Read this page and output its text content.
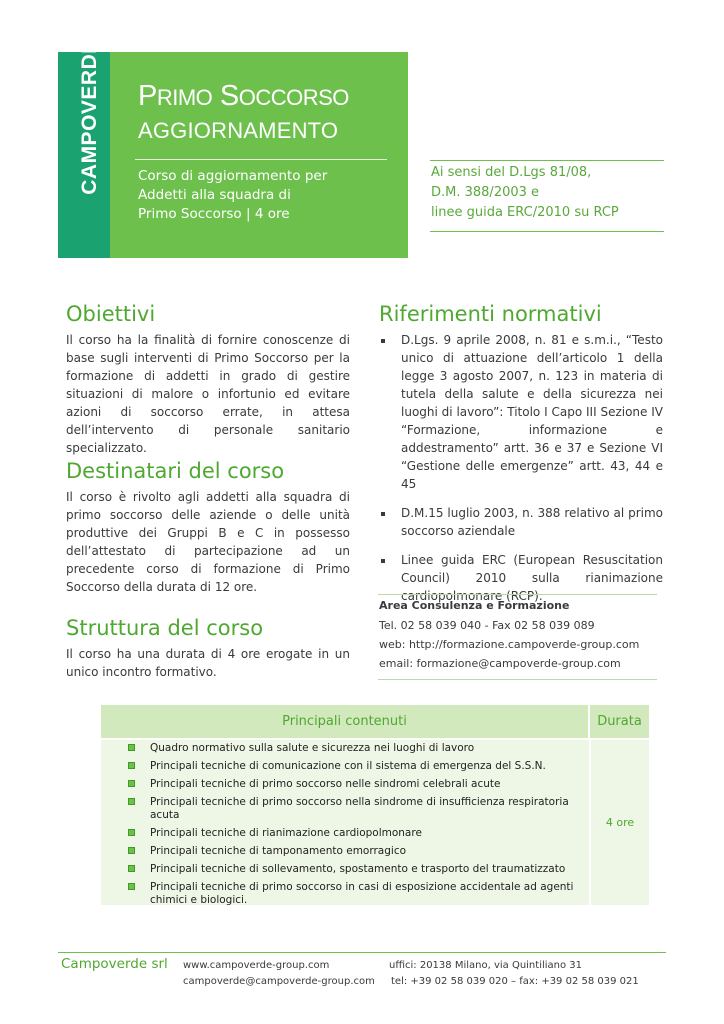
CAMPOVERDE	PRIMO SOCCORSO
AGGIORNAMENTO
Corso di aggiornamento per
Addetti alla squadra di
Primo Soccorso | 4 ore
Ai sensi del D.Lgs 81/08,
D.M. 388/2003 e
linee guida ERC/2010 su RCP
Obiettivi
Il corso ha la finalità di fornire conoscenze di base sugli interventi di Primo Soccorso per la formazione di addetti in grado di gestire situazioni di malore o infortunio ed evitare azioni di soccorso errate, in attesa dell’intervento di personale sanitario specializzato.
Destinatari del corso
Il corso è rivolto agli addetti alla squadra di primo soccorso delle aziende o delle unità produttive dei Gruppi B e C in possesso dell’attestato di partecipazione ad un precedente corso di formazione di Primo Soccorso della durata di 12 ore.
Struttura del corso
Il corso ha una durata di 4 ore erogate in un unico incontro formativo.
Riferimenti normativi
D.Lgs. 9 aprile 2008, n. 81 e s.m.i., “Testo unico di attuazione dell’articolo 1 della legge 3 agosto 2007, n. 123 in materia di tutela della salute e della sicurezza nei luoghi di lavoro”: Titolo I Capo III Sezione IV “Formazione, informazione e addestramento” artt. 36 e 37 e Sezione VI “Gestione delle emergenze” artt. 43, 44 e 45
D.M.15 luglio 2003, n. 388 relativo al primo soccorso aziendale
Linee guida ERC (European Resuscitation Council) 2010 sulla rianimazione cardiopolmonare (RCP).
Area Consulenza e Formazione
Tel. 02 58 039 040 - Fax 02 58 039 089
web: http://formazione.campoverde-group.com
email: formazione@campoverde-group.com
Principali contenuti	Durata
Quadro normativo sulla salute e sicurezza nei luoghi di lavoro
Principali tecniche di comunicazione con il sistema di emergenza del S.S.N.
Principali tecniche di primo soccorso nelle sindromi celebrali acute
Principali tecniche di primo soccorso nella sindrome di insufficienza respiratoria acuta
Principali tecniche di rianimazione cardiopolmonare
Principali tecniche di tamponamento emorragico
Principali tecniche di sollevamento, spostamento e trasporto del traumatizzato
Principali tecniche di primo soccorso in casi di esposizione accidentale ad agenti chimici e biologici.
4 ore
Campoverde srl www.campoverde-group.com
campoverde@campoverde-group.com
uffici: 20138 Milano, via Quintiliano 31
tel: +39 02 58 039 020 – fax: +39 02 58 039 021
